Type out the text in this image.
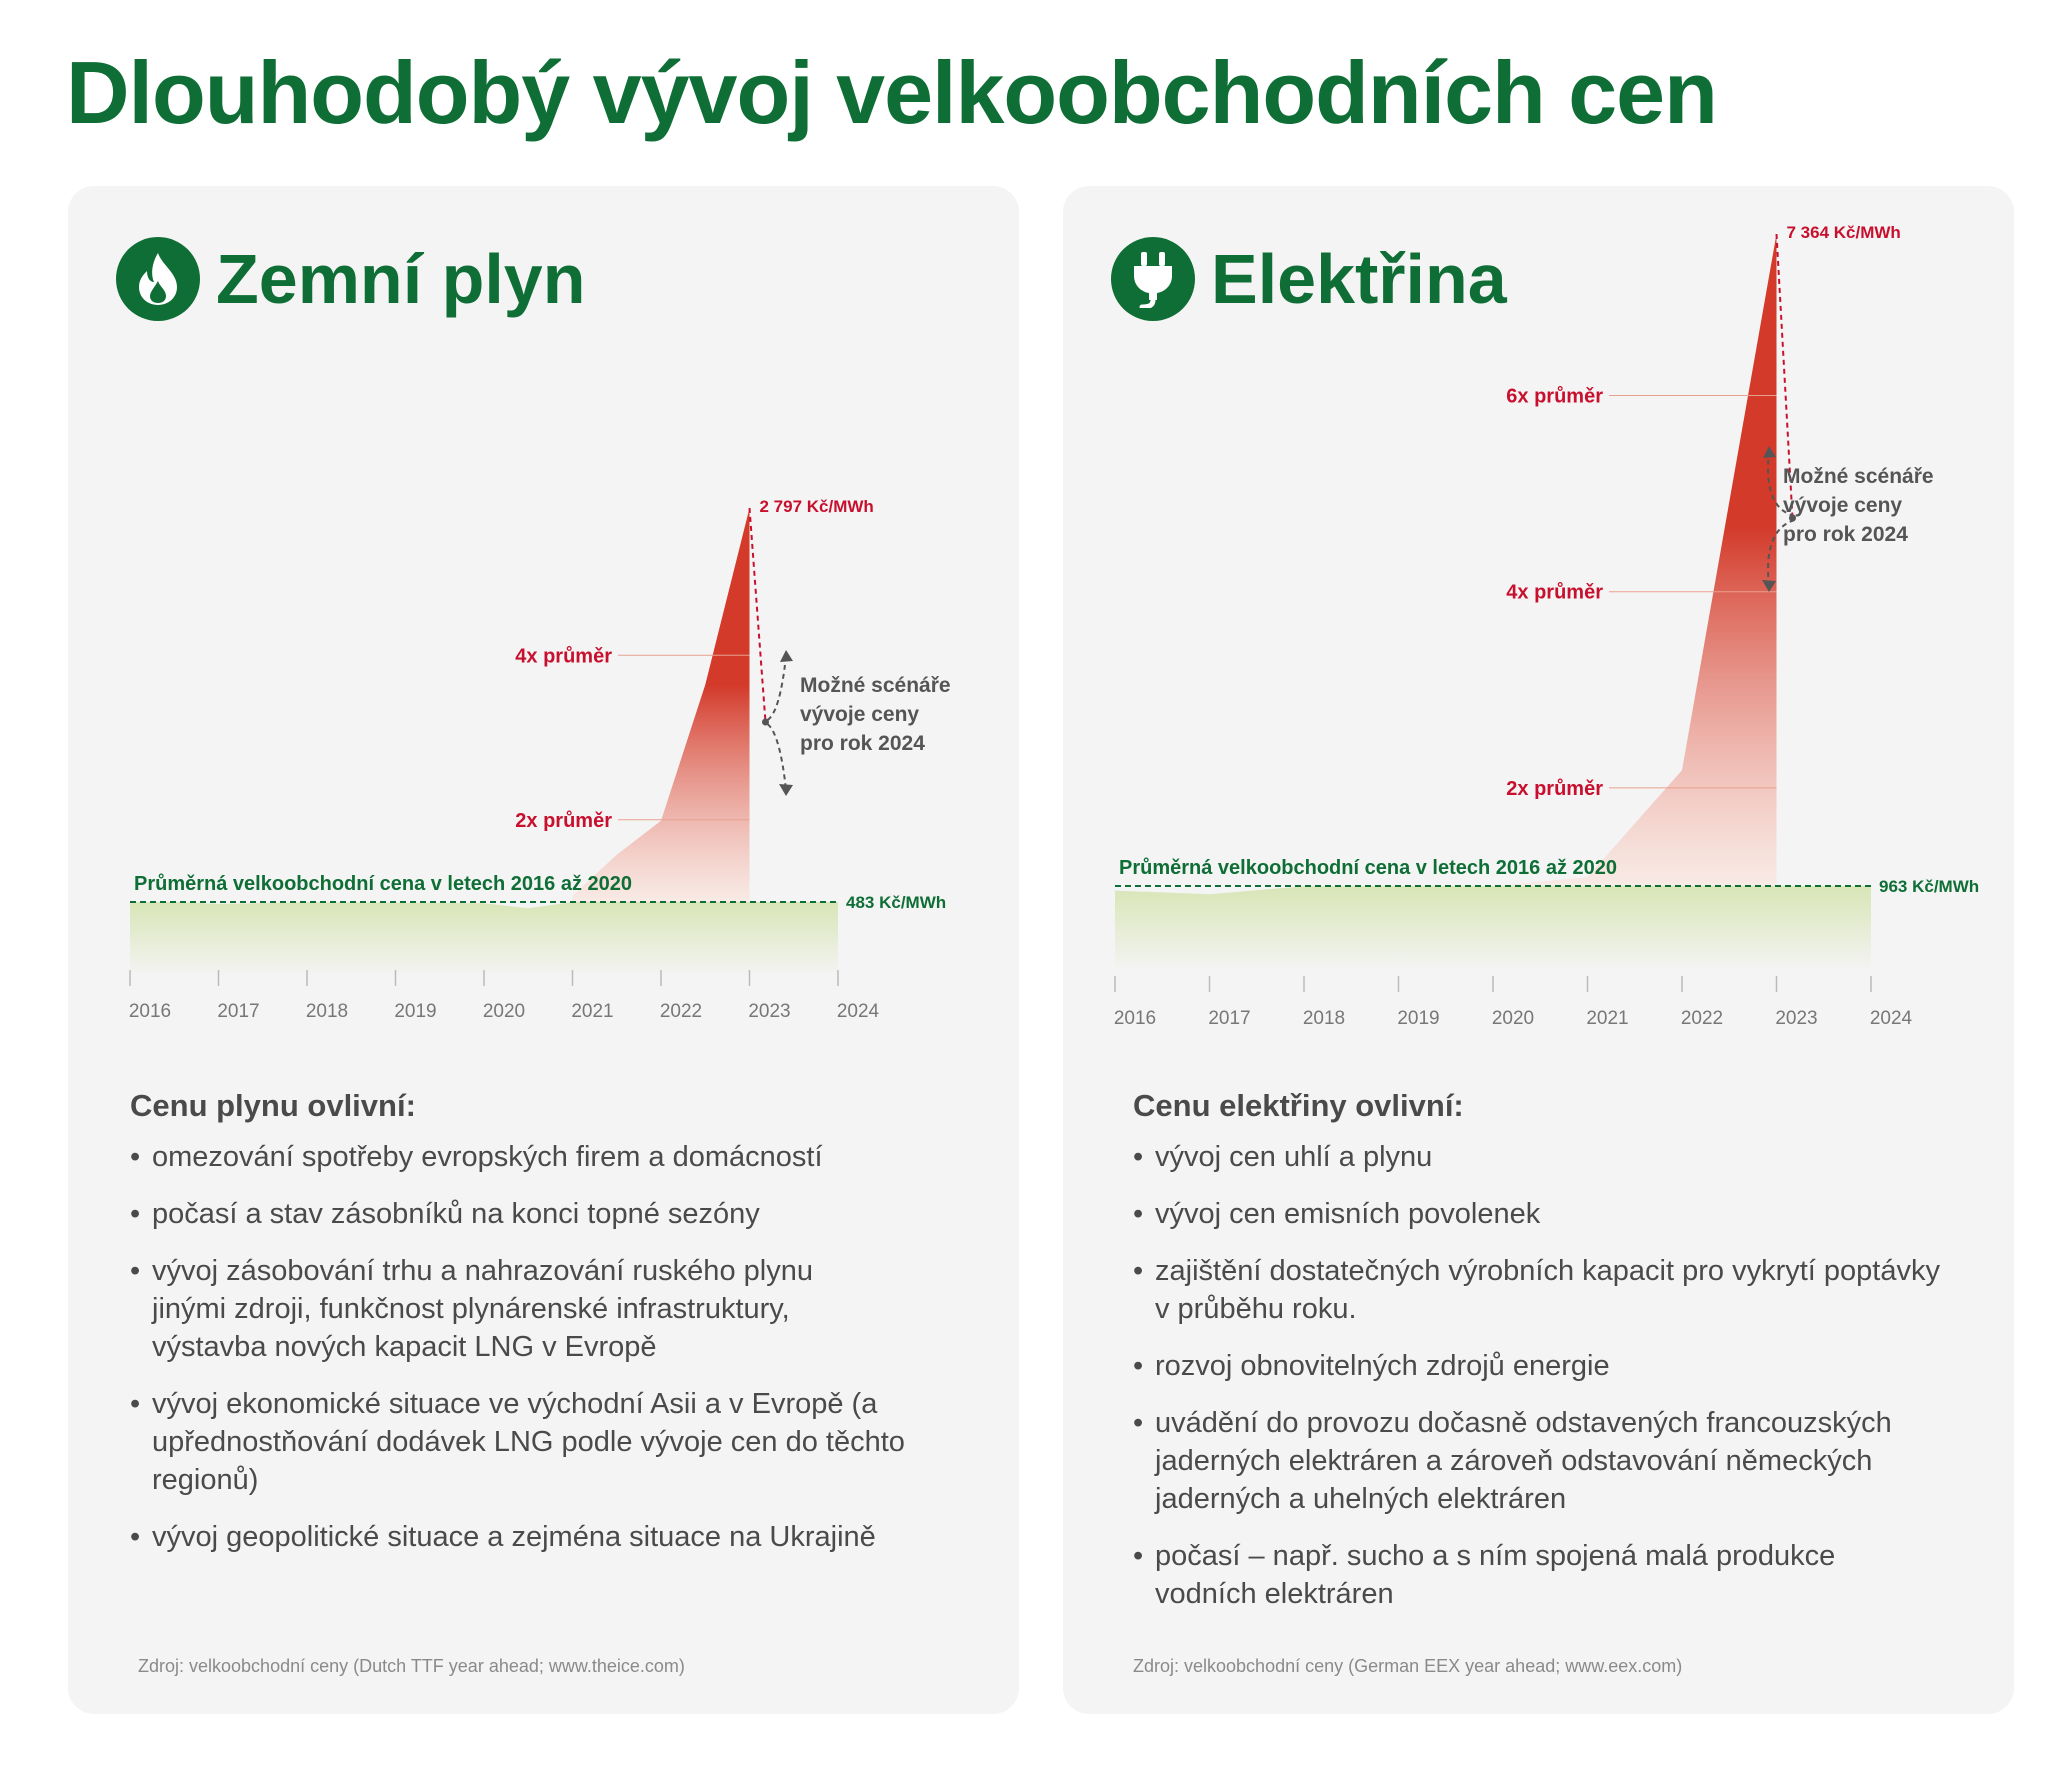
Dlouhodobý vývoj velkoobchodních cen
Zemní plyn
483 Kč/MWh
Průměrná velkoobchodní cena v letech 2016 až 2020
2 797 Kč/MWh
4x průměr
2x průměr
Možné scénáře
vývoje ceny
pro rok 2024
2016 2017 2018 2019 2020 2021 2022 2023 2024
Cenu plynu ovlivní:
• omezování spotřeby evropských firem a domácností
• počasí a stav zásobníků na konci topné sezóny
• vývoj zásobování trhu a nahrazování ruského plynu jinými zdroji, funkčnost plynárenské infrastruktury, výstavba nových kapacit LNG v Evropě
• vývoj ekonomické situace ve východní Asii a v Evropě (a upřednostňování dodávek LNG podle vývoje cen do těchto regionů)
• vývoj geopolitické situace a zejména situace na Ukrajině
Zdroj: velkoobchodní ceny (Dutch TTF year ahead; www.theice.com)
Elektřina
963 Kč/MWh
Průměrná velkoobchodní cena v letech 2016 až 2020
7 364 Kč/MWh
6x průměr
4x průměr
2x průměr
Možné scénáře
vývoje ceny
pro rok 2024
2016	2017	2018	2019	2020	2021	2022	2023	2024
Cenu elektřiny ovlivní:
• vývoj cen uhlí a plynu
• vývoj cen emisních povolenek
• zajištění dostatečných výrobních kapacit pro vykrytí poptávky v průběhu roku.
• rozvoj obnovitelných zdrojů energie
• uvádění do provozu dočasně odstavených francouzských jaderných elektráren a zároveň odstavování německých jaderných a uhelných elektráren
• počasí – např. sucho a s ním spojená malá produkce vodních elektráren
Zdroj: velkoobchodní ceny (German EEX year ahead; www.eex.com)
